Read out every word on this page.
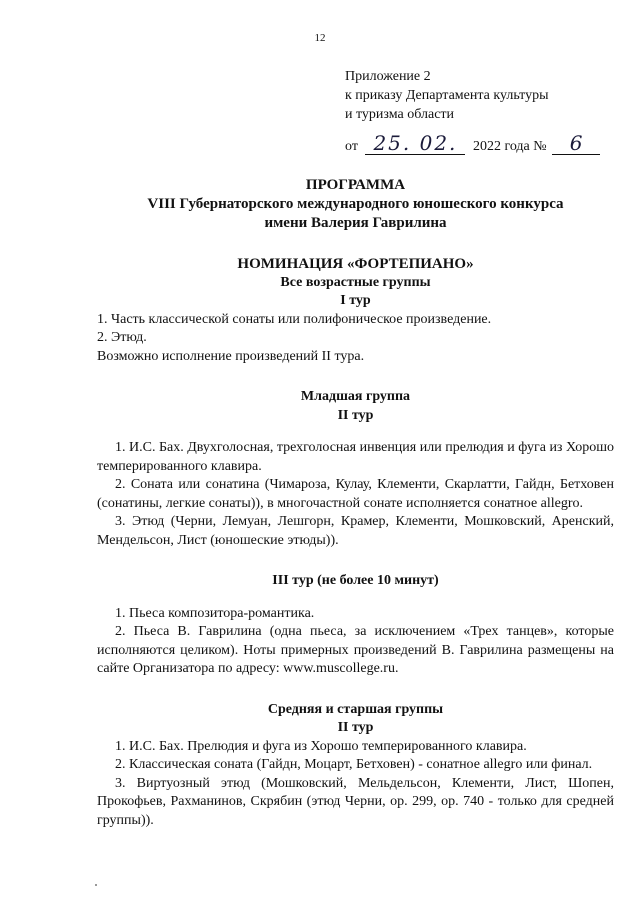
12
Приложение 2
к приказу Департамента культуры
и туризма области
от 25. 02. 2022 года № 6
ПРОГРАММА
VIII Губернаторского международного юношеского конкурса
имени Валерия Гаврилина
НОМИНАЦИЯ «ФОРТЕПИАНО»
Все возрастные группы
I тур

1. Часть классической сонаты или полифоническое произведение.

2. Этюд.

Возможно исполнение произведений II тура.

Младшая группа
II тур

1. И.С. Бах. Двухголосная, трехголосная инвенция или прелюдия и фуга из Хорошо темперированного клавира.

2. Соната или сонатина (Чимароза, Кулау, Клементи, Скарлатти, Гайдн, Бетховен (сонатины, легкие сонаты)), в многочастной сонате исполняется сонатное allegro.

3. Этюд (Черни, Лемуан, Лешгорн, Крамер, Клементи, Мошковский, Аренский, Мендельсон, Лист (юношеские этюды)).

III тур (не более 10 минут)

1. Пьеса композитора-романтика.

2. Пьеса В. Гаврилина (одна пьеса, за исключением «Трех танцев», которые исполняются целиком). Ноты примерных произведений В. Гаврилина размещены на сайте Организатора по адресу: www.muscollege.ru.

Средняя и старшая группы
II тур

1. И.С. Бах. Прелюдия и фуга из Хорошо темперированного клавира.

2. Классическая соната (Гайдн, Моцарт, Бетховен) - сонатное allegro или финал.

3. Виртуозный этюд (Мошковский, Мельдельсон, Клементи, Лист, Шопен, Прокофьев, Рахманинов, Скрябин (этюд Черни, ор. 299, ор. 740 - только для средней группы)).
